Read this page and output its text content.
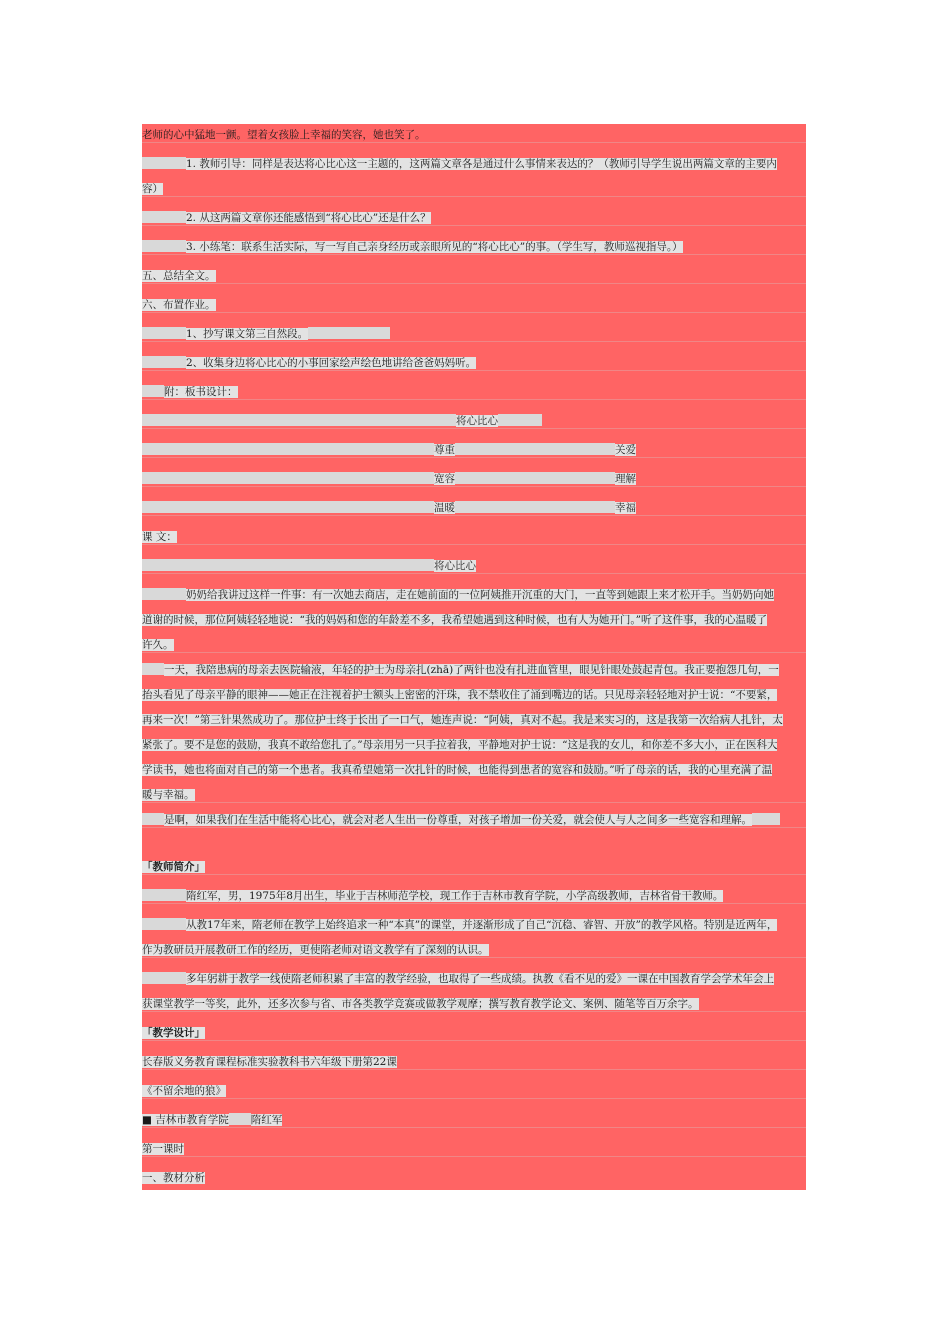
老师的心中猛地一颤。望着女孩脸上幸福的笑容，她也笑了。
1. 教师引导：同样是表达将心比心这一主题的，这两篇文章各是通过什么事情来表达的？（教师引导学生说出两篇文章的主要内
容）
2. 从这两篇文章你还能感悟到“将心比心”还是什么？
3. 小练笔：联系生活实际，写一写自己亲身经历或亲眼所见的“将心比心”的事。（学生写，教师巡视指导。）
五、总结全文。
六、布置作业。
1、抄写课文第三自然段。
2、收集身边将心比心的小事回家绘声绘色地讲给爸爸妈妈听。
附：板书设计：
将心比心
尊重	关爱
宽容	理解
温暖	幸福
课 文：
将心比心
奶奶给我讲过这样一件事：有一次她去商店，走在她前面的一位阿姨推开沉重的大门，一直等到她跟上来才松开手。当奶奶向她
道谢的时候，那位阿姨轻轻地说：“我的妈妈和您的年龄差不多，我希望她遇到这种时候，也有人为她开门。”听了这件事，我的心温暖了
许久。
一天，我陪患病的母亲去医院输液，年轻的护士为母亲扎(zhā)了两针也没有扎进血管里，眼见针眼处鼓起青包。我正要抱怨几句，一
抬头看见了母亲平静的眼神——她正在注视着护士额头上密密的汗珠，我不禁收住了涌到嘴边的话。只见母亲轻轻地对护士说：“不要紧，
再来一次！”第三针果然成功了。那位护士终于长出了一口气，她连声说：“阿姨，真对不起。我是来实习的，这是我第一次给病人扎针，太
紧张了。要不是您的鼓励，我真不敢给您扎了。”母亲用另一只手拉着我，平静地对护士说：“这是我的女儿，和你差不多大小，正在医科大
学读书，她也将面对自己的第一个患者。我真希望她第一次扎针的时候，也能得到患者的宽容和鼓励。”听了母亲的话，我的心里充满了温
暖与幸福。
是啊，如果我们在生活中能将心比心，就会对老人生出一份尊重，对孩子增加一份关爱，就会使人与人之间多一些宽容和理解。
「教师简介」
隋红军，男，1975年8月出生，毕业于吉林师范学校，现工作于吉林市教育学院，小学高级教师，吉林省骨干教师。
从教17年来，隋老师在教学上始终追求一种“本真”的课堂，并逐渐形成了自己“沉稳、睿智、开放”的教学风格。特别是近两年，
作为教研员开展教研工作的经历，更使隋老师对语文教学有了深刻的认识。
多年躬耕于教学一线使隋老师积累了丰富的教学经验，也取得了一些成绩。执教《看不见的爱》一课在中国教育学会学术年会上
获课堂教学一等奖，此外，还多次参与省、市各类教学竞赛或做教学观摩；撰写教育教学论文、案例、随笔等百万余字。
「教学设计」
长春版义务教育课程标准实验教科书六年级下册第22课
《不留余地的狼》
■ 吉林市教育学院 隋红军
第一课时
一、教材分析
